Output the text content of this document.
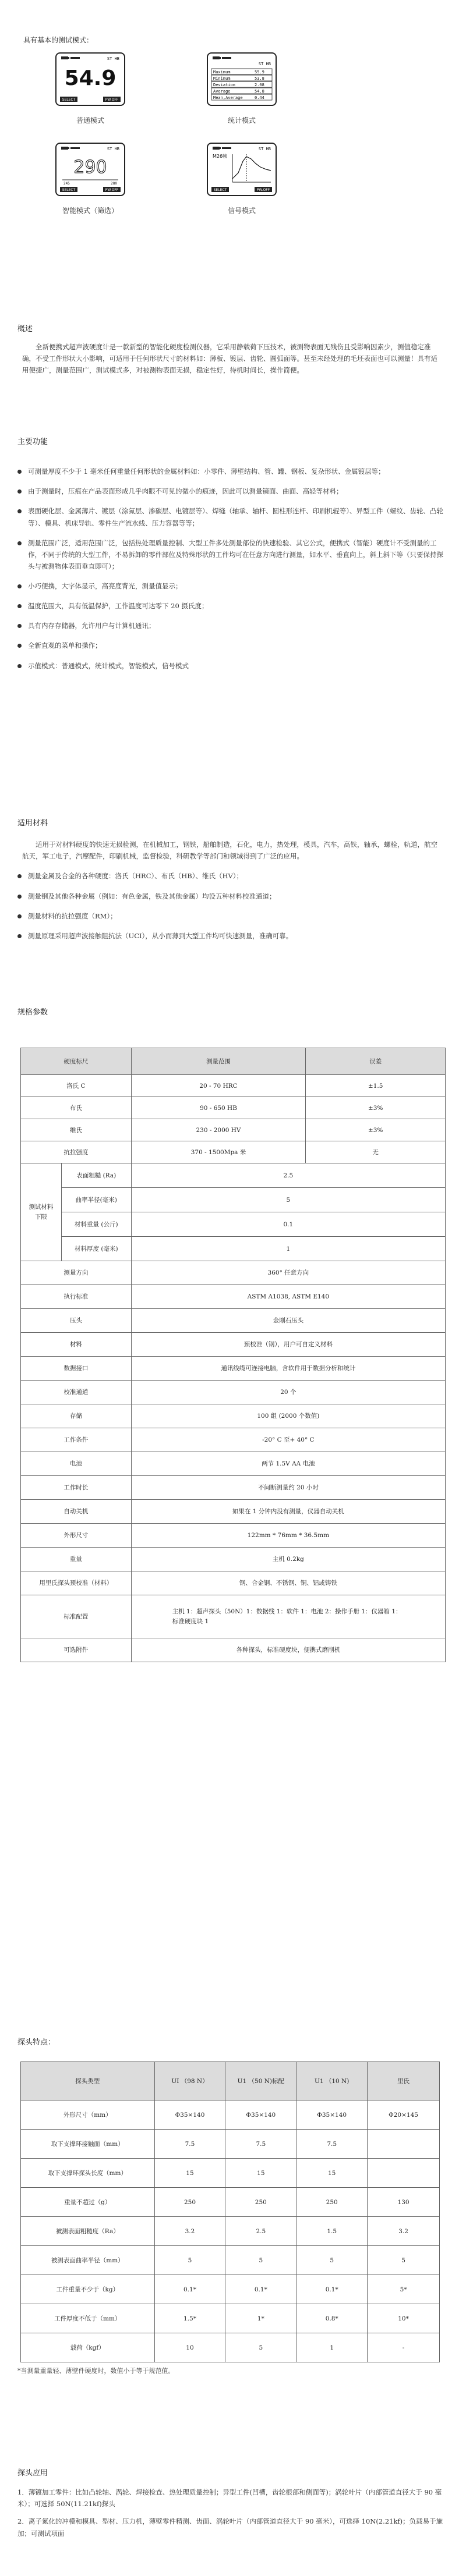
具有基本的测试模式：
ST HB
54.9
SELECT	PW.OFF
普通模式
ST HB
Maximum	55.9
Minimum	53.8
Deviation	2.08
Average	54.8
Mean,Average	0.44
统计模式
ST HB
290
245	280
SELECT	PW.OFF
智能模式（筛选）
ST HB
M26帧
SELECT	PW.OFF
信号模式
概述

全新便携式超声波硬度计是一款新型的智能化硬度检测仪器，它采用静载荷下压技术，被测物表面无残伤且受影响因素少，测值稳定准确，不受工件形状大小影响，可适用于任何形状尺寸的材料如：薄板、镀层、齿轮、圆弧面等。甚至未经处理的毛坯表面也可以测量！具有适用便捷广，测量范围广，测试模式多，对被测物表面无损，稳定性好，待机时间长，操作简便。

主要功能
可测量厚度不少于 1 毫米任何重量任何形状的金属材料如：小零件、薄壁结构、管、罐、钢板、复杂形状、金属镀层等；
由于测量时，压痕在产品表面形成几乎肉眼不可见的微小的痕迹，因此可以测量镜面、曲面、高轻等材料；
表面硬化层、金属薄片、镀层（涂氮层、渗碳层、电镀层等）、焊缝（轴承、轴杆、圆柱形连杆、印刷机辊等）、异型工件（螺纹、齿轮、凸轮等）、模具、机床导轨、零件生产流水线、压力容器等等；
测量范围广泛，适用范围广泛，包括热处理质量控制、大型工件多处测量部位的快速检验、其它公式，便携式（智能）硬度计不受测量的工作，不同于传统的大型工件，不易拆卸的零件部位及特殊形状的工件均可在任意方向进行测量，如水平、垂直向上，斜上斜下等（只要保持探头与被测物体表面垂直即可）；
小巧便携，大字体显示，高亮度背光，测量值显示；
温度范围大，具有低温保护，工作温度可达零下 20 摄氏度；
具有内存存储器，允许用户与计算机通讯；
全新直观的菜单和操作；
示值模式：普通模式，统计模式，智能模式，信号模式
适用材料

适用于对材料硬度的快速无损检测，在机械加工，钢铁，船舶制造，石化，电力，热处理，模具，汽车，高铁，轴承，螺栓，轨道，航空航天，军工电子，汽摩配件，印刷机械，监督检验，科研教学等部门和领域得到了广泛的应用。

测量金属及合金的各种硬度：洛氏（HRC）、布氏（HB）、维氏（HV）；
测量钢及其他各种金属（例如：有色金属，铁及其他金属）均设五种材料校准通道；
测量材料的抗拉强度（RM）；
测量原理采用超声波接触阻抗法（UCI），从小而薄到大型工件均可快速测量，准确可靠。
规格参数
硬度标尺		测量范围	误差
洛氏 C		20 - 70 HRC	±1.5
布氏		90 - 650 HB	±3%
维氏		230 - 2000 HV	±3%
抗拉强度		370 - 1500Mpa 米	无
测试材料
下限	表面粗糙 (Ra)	2.5	
	曲率半径(毫米)	5	
	材料重量 (公斤)	0.1	
	材料厚度 (毫米)	1	
测量方向		360° 任意方向	
执行标准		ASTM A1038, ASTM E140	
压头		金刚石压头	
材料		预校准（钢），用户可自定义材料	
数据接口		通讯线缆可连接电脑，含软件用于数据分析和统计	
校准通道		20 个	
存储		100 组 (2000 个数值)	
工作条件		-20° C 至+ 40° C	
电池		两节 1.5V AA 电池	
工作时长		不间断测量约 20 小时	
自动关机		如果在 1 分钟内没有测量，仪器自动关机	
外形尺寸		122mm * 76mm * 36.5mm	
重量		主机 0.2kg	
用里氏探头预校准（材料）		钢、合金钢、不锈钢、铜、铝或铸铁	
标准配置		主机 1：超声探头（50N）1：数据线 1：软件 1：电池 2：操作手册 1：仪器箱 1：标准硬度块 1	
可选附件		各种探头，标准硬度块，便携式磨削机	
探头特点：
探头类型	UI （98 N）	U1 （50 N)标配	U1 （10 N)	里氏
外形尺寸（mm）	Φ35×140	Φ35×140	Φ35×140	Φ20×145
取下支撑环接触面（mm）	7.5	7.5	7.5	
取下支撑环探头长度（mm）	15	15	15	
重量不超过（g）	250	250	250	130
被测表面粗糙度（Ra）	3.2	2.5	1.5	3.2
被测表面曲率半径（mm）	5	5	5	5
工件重量不少于（kg）	0.1*	0.1*	0.1*	5*
工件厚度不低于（mm）	1.5*	1*	0.8*	10*
载荷（kgf）	10	5	1	-
*当测量重量轻、薄壁件硬度时，数值小于等于规范值。
探头应用

1．薄镀加工零件：比如凸轮轴、涡轮、焊接检查、热处理质量控制；异型工件(凹槽，齿轮根部和侧面等)；涡轮叶片（内部管道直径大于 90 毫米）；可选择 50N(11.21kf)探头

2．离子氮化的冲模和模具、型材、压力机，薄壁零件精测、齿面、涡轮叶片（内部管道直径大于 90 毫米），可选择 10N(2.21kf)；负载易于施加；可测试项面
